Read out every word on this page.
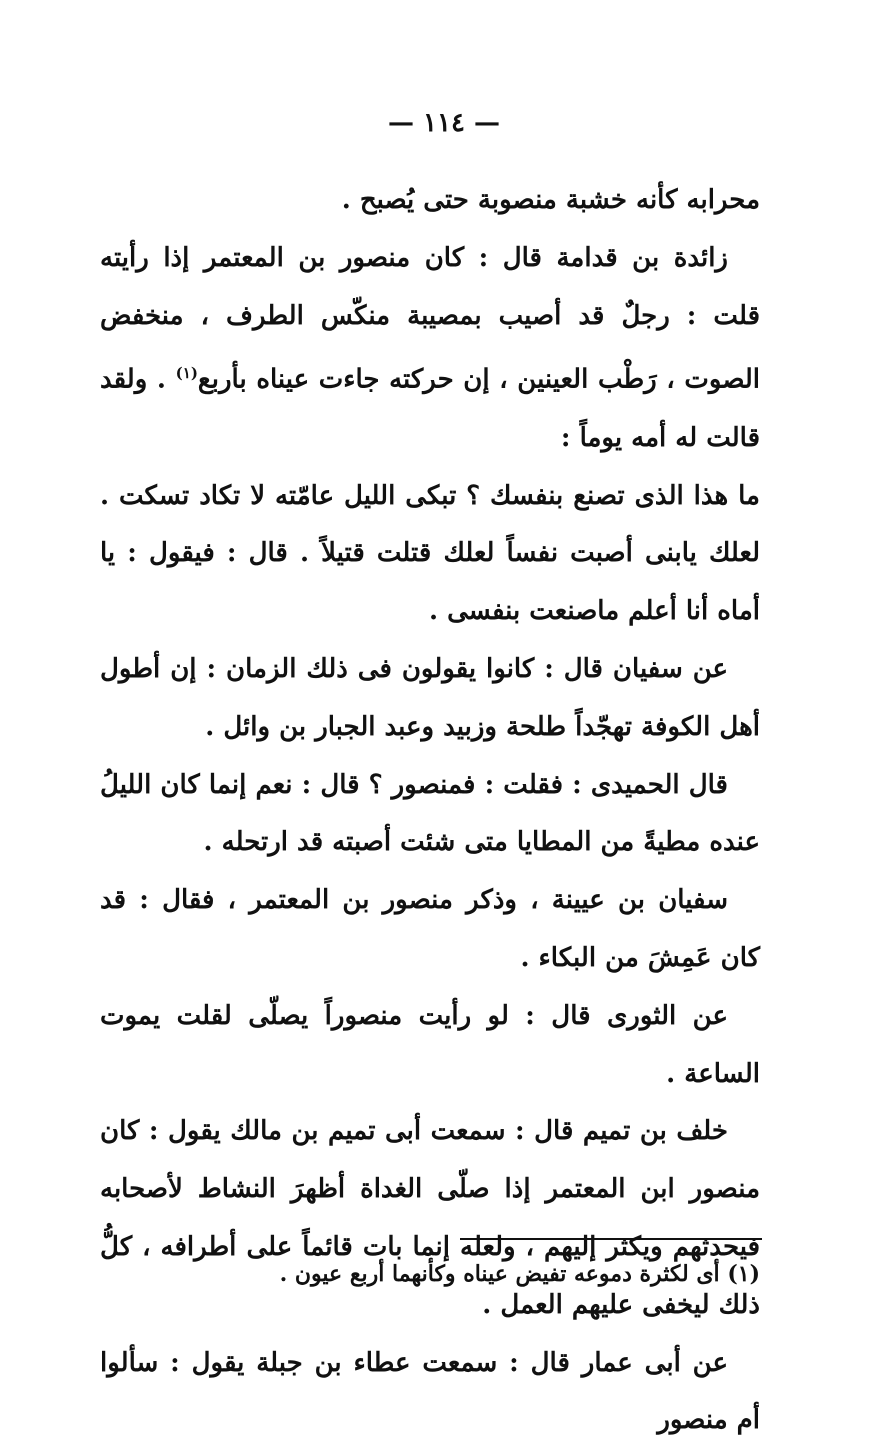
— ١١٤ —

محرابه كأنه خشبة منصوبة حتى يُصبح .

زائدة بن قدامة قال : كان منصور بن المعتمر إذا رأيته قلت : رجلٌ قد أصيب بمصيبة منكّس الطرف ، منخفض الصوت ، رَطْب العينين ، إن حركته جاءت عيناه بأربع$^{(١)}$ . ولقد قالت له أمه يوماً :

ما هذا الذى تصنع بنفسك ؟ تبكى الليل عامّته لا تكاد تسكت . لعلك يابنى أصبت نفساً لعلك قتلت قتيلاً . قال : فيقول : يا أماه أنا أعلم ماصنعت بنفسى .

عن سفيان قال : كانوا يقولون فى ذلك الزمان : إن أطول أهل الكوفة تهجّداً طلحة وزبيد وعبد الجبار بن وائل .

قال الحميدى : فقلت : فمنصور ؟ قال : نعم إنما كان الليلُ عنده مطيةً من المطايا متى شئت أصبته قد ارتحله .

سفيان بن عيينة ، وذكر منصور بن المعتمر ، فقال : قد كان عَمِشَ من البكاء .

عن الثورى قال : لو رأيت منصوراً يصلّى لقلت يموت الساعة .

خلف بن تميم قال : سمعت أبى تميم بن مالك يقول : كان منصور ابن المعتمر إذا صلّى الغداة أظهرَ النشاط لأصحابه فيحدثهم ويكثر إليهم ، ولعله إنما بات قائماً على أطرافه ، كلُّ ذلك ليخفى عليهم العمل .

عن أبى عمار قال : سمعت عطاء بن جبلة يقول : سألوا أم منصور

(١) أى لكثرة دموعه تفيض عيناه وكأنهما أربع عيون .
